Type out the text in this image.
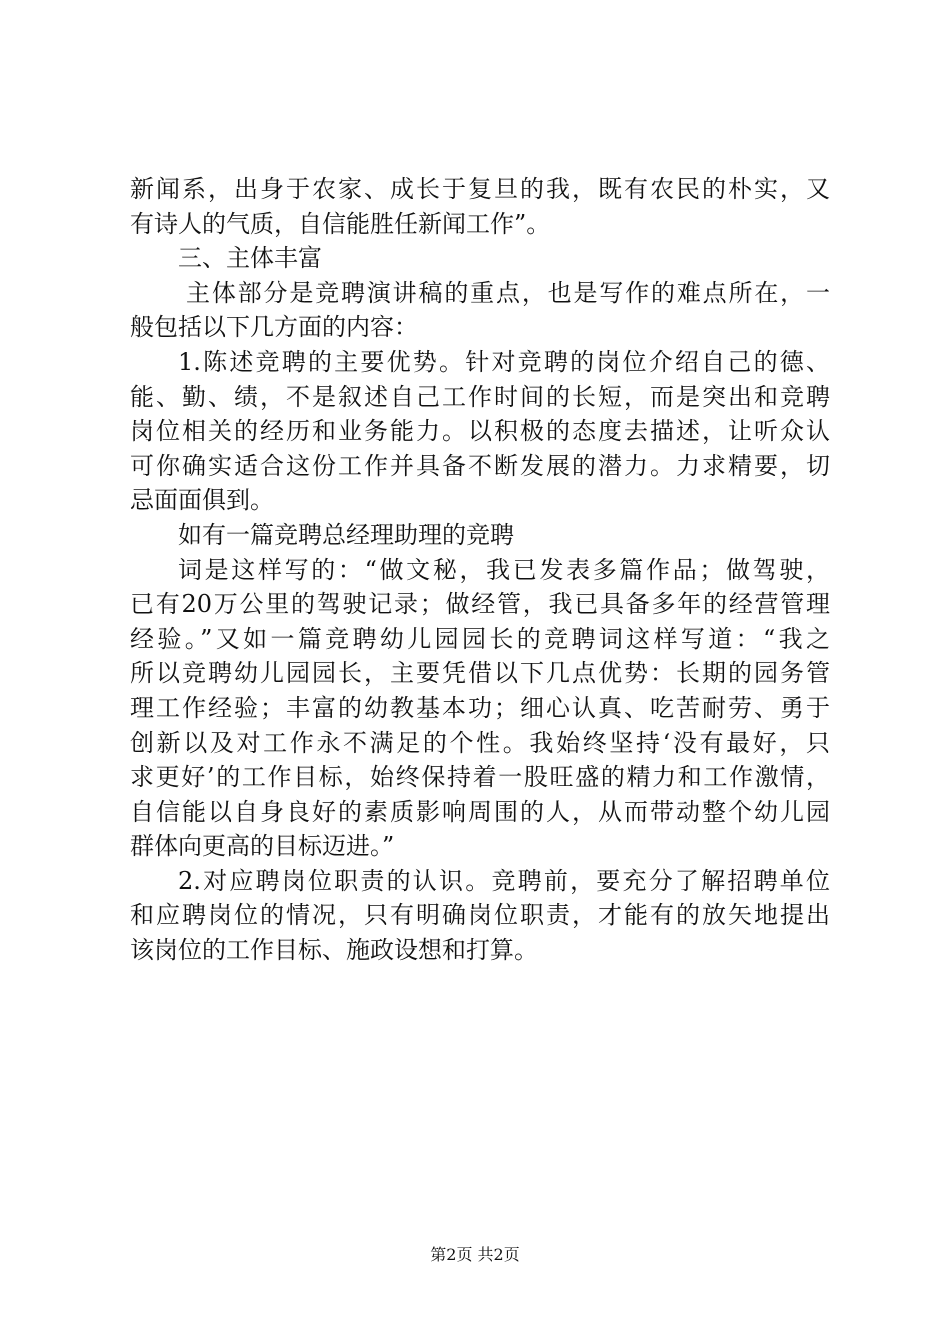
新闻系，出身于农家、成长于复旦的我，既有农民的朴实，又
有诗人的气质，自信能胜任新闻工作”。
三、主体丰富
主体部分是竞聘演讲稿的重点，也是写作的难点所在，一
般包括以下几方面的内容：
1.陈述竞聘的主要优势。针对竞聘的岗位介绍自己的德、
能、勤、绩，不是叙述自己工作时间的长短，而是突出和竞聘
岗位相关的经历和业务能力。以积极的态度去描述，让听众认
可你确实适合这份工作并具备不断发展的潜力。力求精要，切
忌面面俱到。
如有一篇竞聘总经理助理的竞聘
词是这样写的：“做文秘，我已发表多篇作品；做驾驶，
已有20万公里的驾驶记录；做经管，我已具备多年的经营管理
经验。”又如一篇竞聘幼儿园园长的竞聘词这样写道：“我之
所以竞聘幼儿园园长，主要凭借以下几点优势：长期的园务管
理工作经验；丰富的幼教基本功；细心认真、吃苦耐劳、勇于
创新以及对工作永不满足的个性。我始终坚持‘没有最好，只
求更好’的工作目标，始终保持着一股旺盛的精力和工作激情，
自信能以自身良好的素质影响周围的人，从而带动整个幼儿园
群体向更高的目标迈进。”
2.对应聘岗位职责的认识。竞聘前，要充分了解招聘单位
和应聘岗位的情况，只有明确岗位职责，才能有的放矢地提出
该岗位的工作目标、施政设想和打算。
第2页 共2页
